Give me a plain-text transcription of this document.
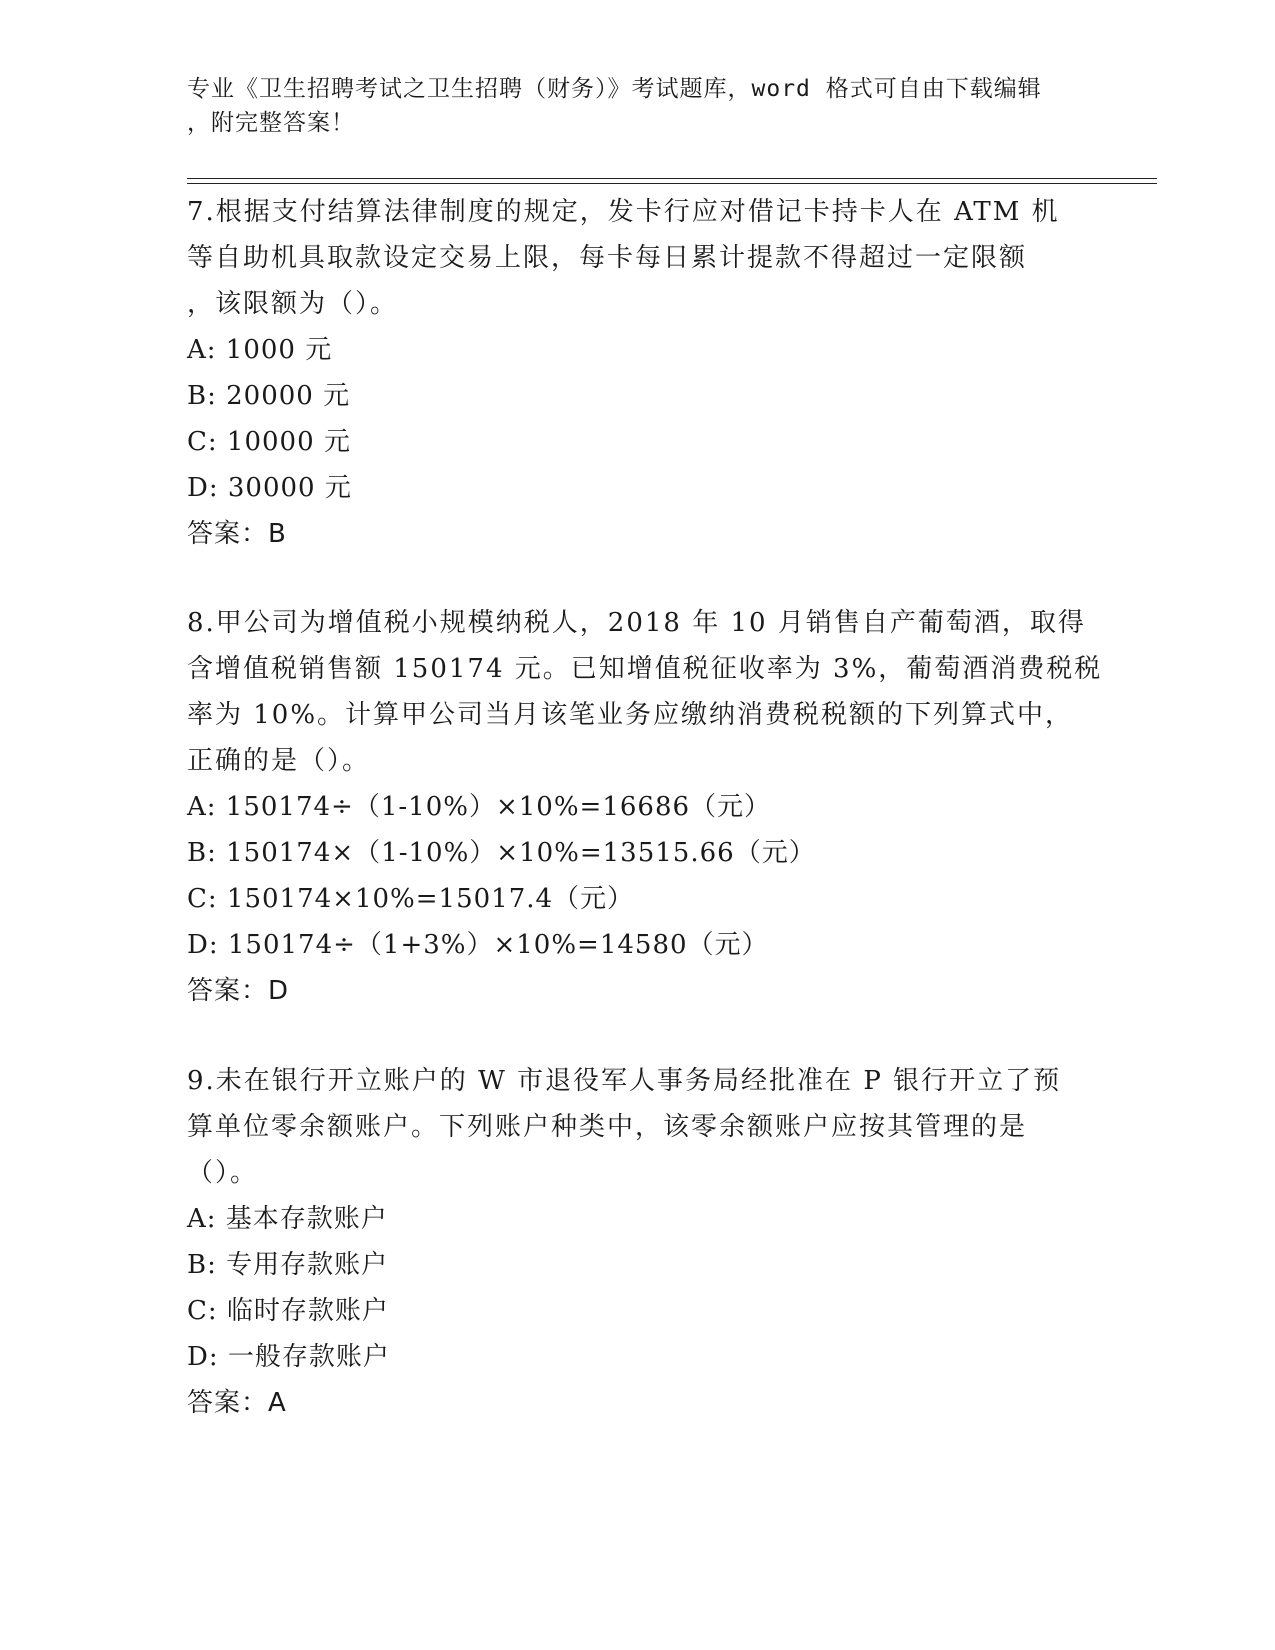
专业《卫生招聘考试之卫生招聘（财务）》考试题库，word 格式可自由下载编辑
，附完整答案！
7.根据支付结算法律制度的规定，发卡行应对借记卡持卡人在 ATM 机
等自助机具取款设定交易上限，每卡每日累计提款不得超过一定限额
，该限额为（）。
A: 1000 元
B: 20000 元
C: 10000 元
D: 30000 元
答案：B
8.甲公司为增值税小规模纳税人，2018 年 10 月销售自产葡萄酒，取得
含增值税销售额 150174 元。已知增值税征收率为 3%，葡萄酒消费税税
率为 10%。计算甲公司当月该笔业务应缴纳消费税税额的下列算式中，
正确的是（）。
A: 150174÷（1-10%）×10%=16686（元）
B: 150174×（1-10%）×10%=13515.66（元）
C: 150174×10%=15017.4（元）
D: 150174÷（1+3%）×10%=14580（元）
答案：D
9.未在银行开立账户的 W 市退役军人事务局经批准在 P 银行开立了预
算单位零余额账户。下列账户种类中，该零余额账户应按其管理的是
（）。
A: 基本存款账户
B: 专用存款账户
C: 临时存款账户
D: 一般存款账户
答案：A
